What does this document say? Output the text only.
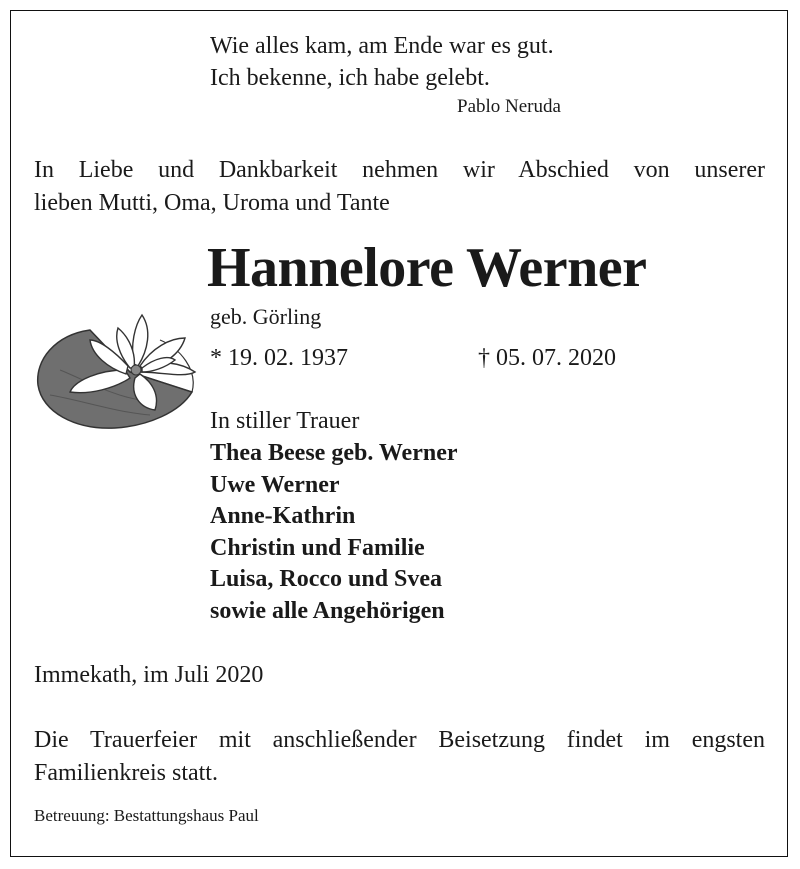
Wie alles kam, am Ende war es gut.
Ich bekenne, ich habe gelebt.
Pablo Neruda
In Liebe und Dankbarkeit nehmen wir Abschied von unserer
lieben Mutti, Oma, Uroma und Tante
Hannelore Werner
geb. Görling
* 19. 02. 1937	† 05. 07. 2020
In stiller Trauer
Thea Beese geb. Werner
Uwe Werner
Anne-Kathrin
Christin und Familie
Luisa, Rocco und Svea
sowie alle Angehörigen
Immekath, im Juli 2020
Die Trauerfeier mit anschließender Beisetzung findet im engsten
Familienkreis statt.
Betreuung: Bestattungshaus Paul
